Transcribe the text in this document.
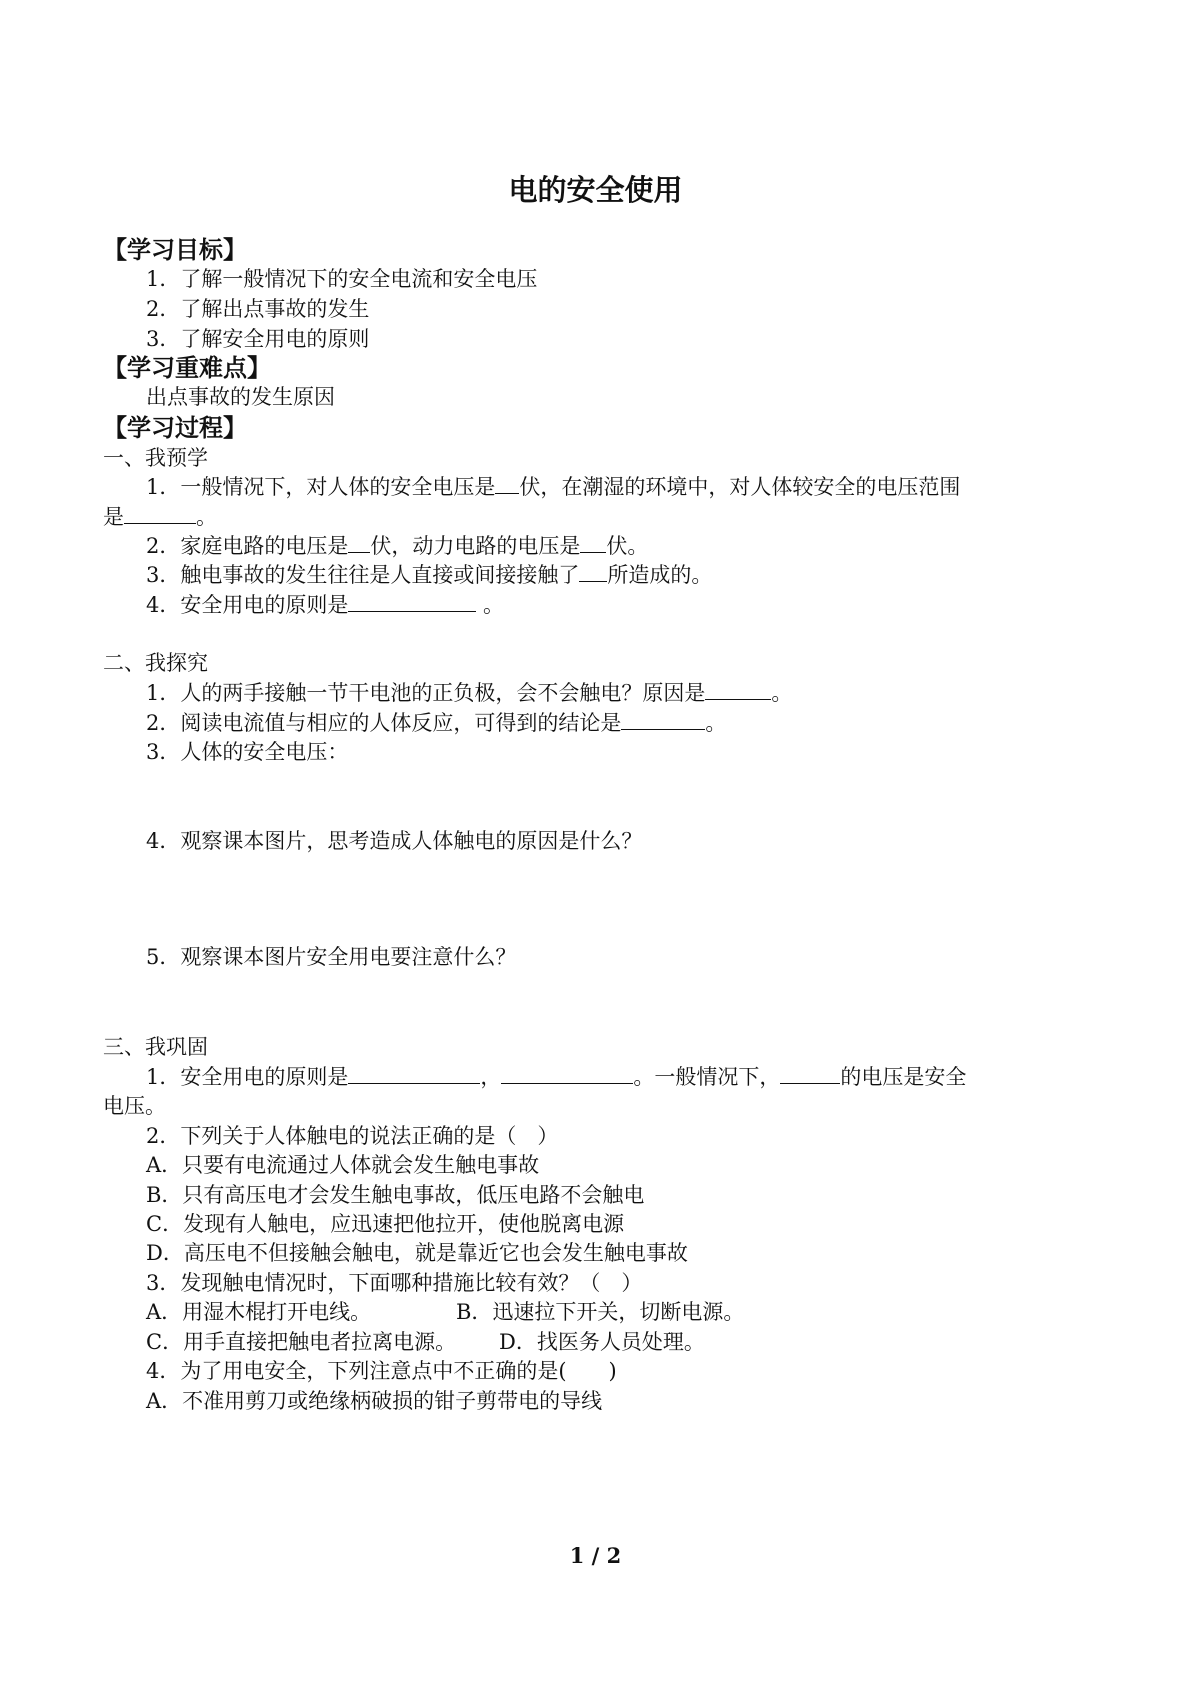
电的安全使用
【学习目标】
1．了解一般情况下的安全电流和安全电压
2．了解出点事故的发生
3．了解安全用电的原则
【学习重难点】
出点事故的发生原因
【学习过程】
一、我预学
1．一般情况下，对人体的安全电压是 伏，在潮湿的环境中，对人体较安全的电压范围
是	。
2．家庭电路的电压是 伏，动力电路的电压是 伏。
3．触电事故的发生往往是人直接或间接接触了 所造成的。
4．安全用电的原则是	。
二、我探究
1．人的两手接触一节干电池的正负极，会不会触电？原因是	。
2．阅读电流值与相应的人体反应，可得到的结论是	。
3．人体的安全电压：
4．观察课本图片，思考造成人体触电的原因是什么？
5．观察课本图片安全用电要注意什么？
三、我巩固
1．安全用电的原则是	，	。一般情况下，	的电压是安全
电压。
2．下列关于人体触电的说法正确的是（　）
A．只要有电流通过人体就会发生触电事故
B．只有高压电才会发生触电事故，低压电路不会触电
C．发现有人触电，应迅速把他拉开，使他脱离电源
D．高压电不但接触会触电，就是靠近它也会发生触电事故
3．发现触电情况时，下面哪种措施比较有效？（　）
A．用湿木棍打开电线。	B．迅速拉下开关，切断电源。
C．用手直接把触电者拉离电源。 D．找医务人员处理。
4．为了用电安全，下列注意点中不正确的是(　　)
A．不准用剪刀或绝缘柄破损的钳子剪带电的导线
1 / 2
